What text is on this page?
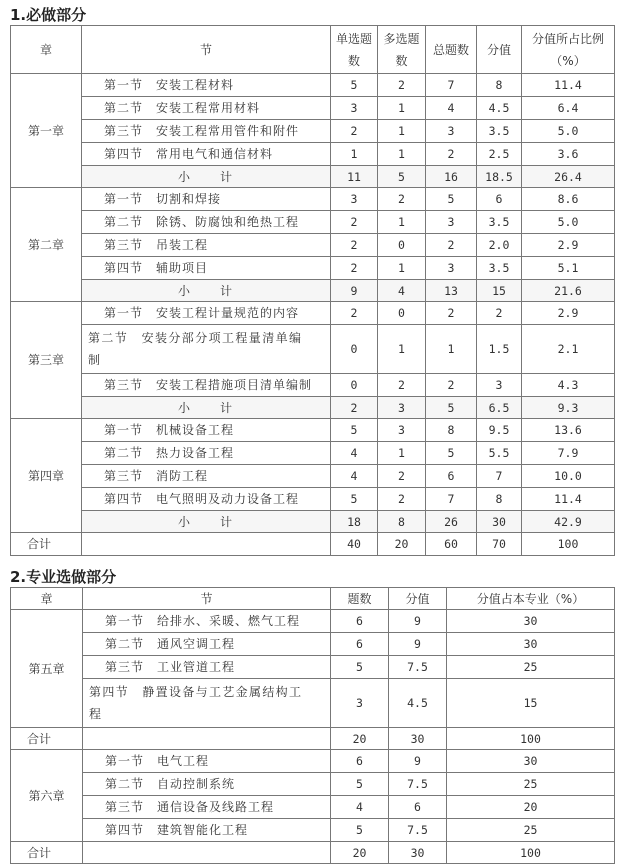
1.必做部分
章	节	单选题数	多选题数	总题数	分值	分值所占比例（%）
第一章	第一节　安装工程材料	5	2	7	8	11.4
	第二节　安装工程常用材料	3	1	4	4.5	6.4
	第三节　安装工程常用管件和附件	2	1	3	3.5	5.0
	第四节　常用电气和通信材料	1	1	2	2.5	3.6
	小　　计	11	5	16	18.5	26.4
第二章	第一节　切割和焊接	3	2	5	6	8.6
	第二节　除锈、防腐蚀和绝热工程	2	1	3	3.5	5.0
	第三节　吊装工程	2	0	2	2.0	2.9
	第四节　辅助项目	2	1	3	3.5	5.1
	小　　计	9	4	13	15	21.6
第三章	第一节　安装工程计量规范的内容	2	0	2	2	2.9
	第二节　安装分部分项工程量清单编制	0	1	1	1.5	2.1
	第三节　安装工程措施项目清单编制	0	2	2	3	4.3
	小　　计	2	3	5	6.5	9.3
第四章	第一节　机械设备工程	5	3	8	9.5	13.6
	第二节　热力设备工程	4	1	5	5.5	7.9
	第三节　消防工程	4	2	6	7	10.0
	第四节　电气照明及动力设备工程	5	2	7	8	11.4
	小　　计	18	8	26	30	42.9
合计		40	20	60	70	100
2.专业选做部分
章	节	题数	分值	分值占本专业（%）
第五章	第一节　给排水、采暖、燃气工程	6	9	30
	第二节　通风空调工程	6	9	30
	第三节　工业管道工程	5	7.5	25
	第四节　静置设备与工艺金属结构工程	3	4.5	15
合计		20	30	100
第六章	第一节　电气工程	6	9	30
	第二节　自动控制系统	5	7.5	25
	第三节　通信设备及线路工程	4	6	20
	第四节　建筑智能化工程	5	7.5	25
合计		20	30	100
